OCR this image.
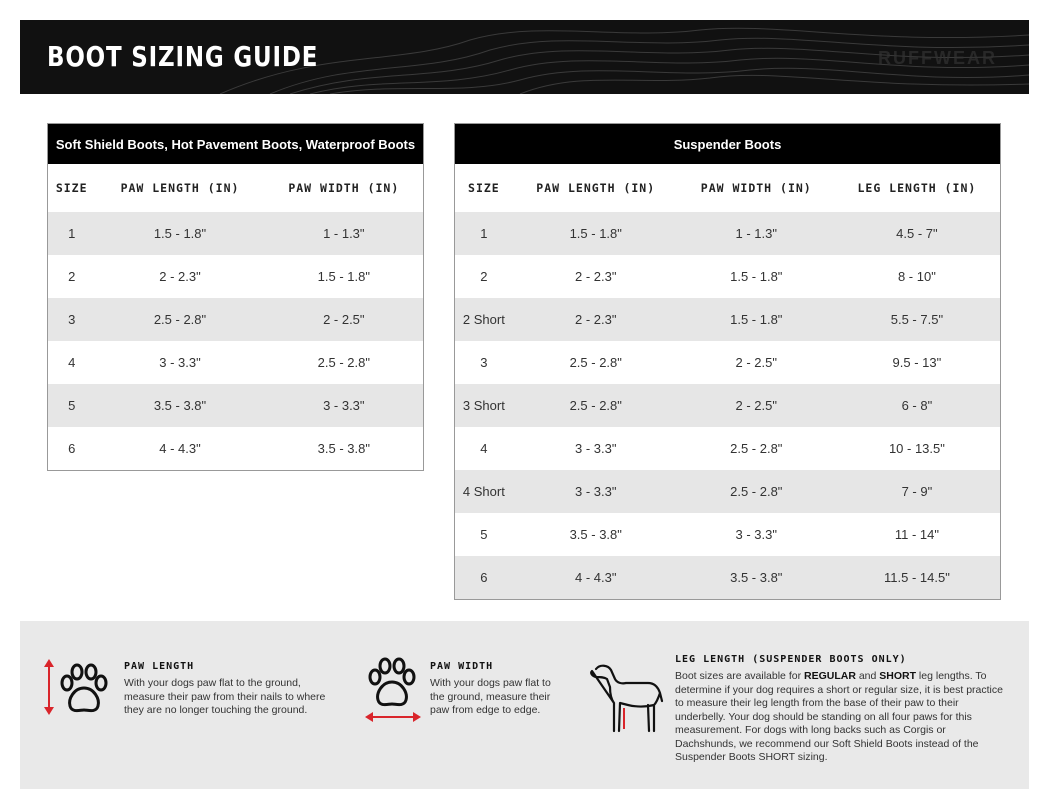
BOOT SIZING GUIDE	RUFFWEAR
Soft Shield Boots, Hot Pavement Boots, Waterproof Boots		
SIZE	PAW LENGTH (IN)	PAW WIDTH (IN)
1	1.5 - 1.8"	1 - 1.3"
2	2 - 2.3"	1.5 - 1.8"
3	2.5 - 2.8"	2 - 2.5"
4	3 - 3.3"	2.5 - 2.8"
5	3.5 - 3.8"	3 - 3.3"
6	4 - 4.3"	3.5 - 3.8"
Suspender Boots			
SIZE	PAW LENGTH (IN)	PAW WIDTH (IN)	LEG LENGTH (IN)
1	1.5 - 1.8"	1 - 1.3"	4.5 - 7"
2	2 - 2.3"	1.5 - 1.8"	8 - 10"
2 Short	2 - 2.3"	1.5 - 1.8"	5.5 - 7.5"
3	2.5 - 2.8"	2 - 2.5"	9.5 - 13"
3 Short	2.5 - 2.8"	2 - 2.5"	6 - 8"
4	3 - 3.3"	2.5 - 2.8"	10 - 13.5"
4 Short	3 - 3.3"	2.5 - 2.8"	7 - 9"
5	3.5 - 3.8"	3 - 3.3"	11 - 14"
6	4 - 4.3"	3.5 - 3.8"	11.5 - 14.5"
PAW LENGTH

With your dogs paw flat to the ground, measure their paw from their nails to where they are no longer touching the ground.

PAW WIDTH

With your dogs paw flat to the ground, measure their paw from edge to edge.

LEG LENGTH (SUSPENDER BOOTS ONLY)

Boot sizes are available for REGULAR and SHORT leg lengths. To determine if your dog requires a short or regular size, it is best practice to measure their leg length from the base of their paw to their underbelly. Your dog should be standing on all four paws for this measurement. For dogs with long backs such as Corgis or Dachshunds, we recommend our Soft Shield Boots instead of the Suspender Boots SHORT sizing.
